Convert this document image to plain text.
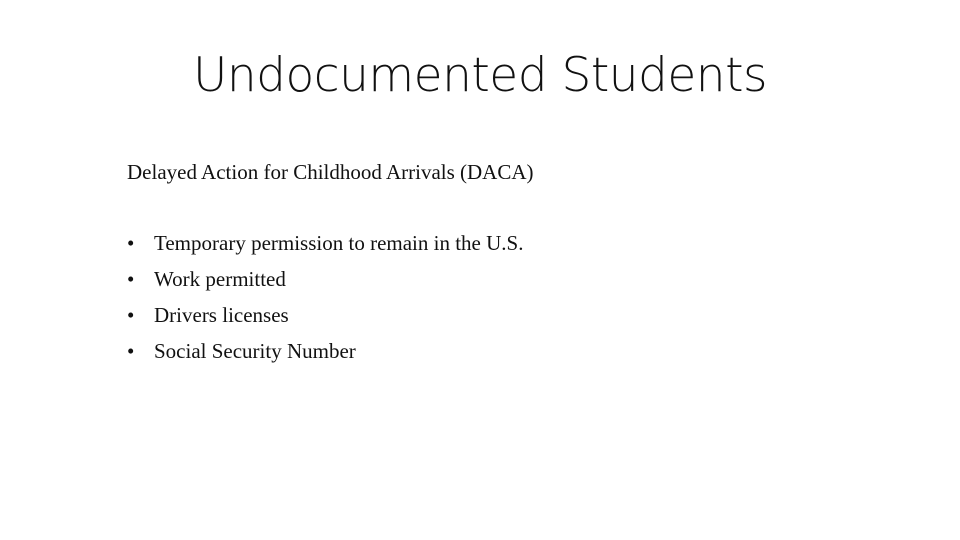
Undocumented Students

Delayed Action for Childhood Arrivals (DACA)

• Temporary permission to remain in the U.S.
• Work permitted
• Drivers licenses
• Social Security Number
